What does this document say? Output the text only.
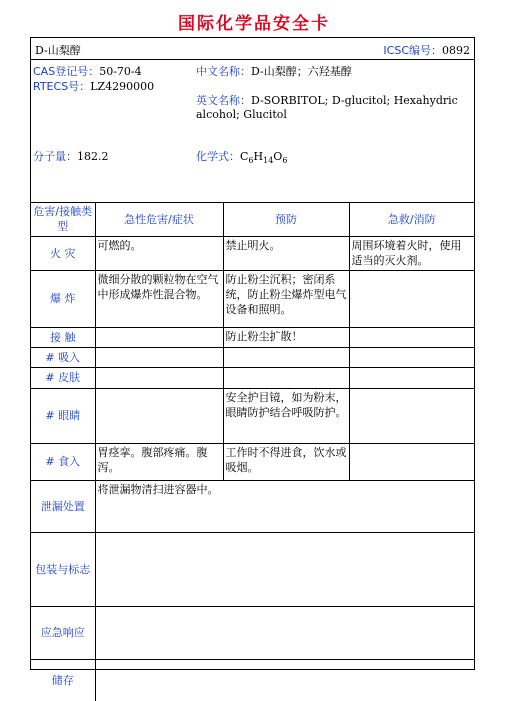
国际化学品安全卡
D-山梨醇	ICSC编号：0892
CAS登记号：50-70-4
RTECS号：LZ4290000
中文名称：D-山梨醇；六羟基醇
英文名称：D-SORBITOL; D-glucitol; Hexahydric
alcohol; Glucitol
分子量：182.2	化学式：$C_6H_{14}O_6$
危害/接触类型	急性危害/症状	预防	急救/消防
火 灾	可燃的。	禁止明火。	周围环境着火时，使用适当的灭火剂。
爆 炸	微细分散的颗粒物在空气中形成爆炸性混合物。	防止粉尘沉积；密闭系统，防止粉尘爆炸型电气设备和照明。	
接 触		防止粉尘扩散！	
# 吸入			
# 皮肤			
# 眼睛		安全护目镜，如为粉末，眼睛防护结合呼吸防护。	
# 食入	胃痉挛。腹部疼痛。腹泻。	工作时不得进食，饮水或吸烟。	
泄漏处置	将泄漏物清扫进容器中。		
包装与标志			
应急响应			
储存			
